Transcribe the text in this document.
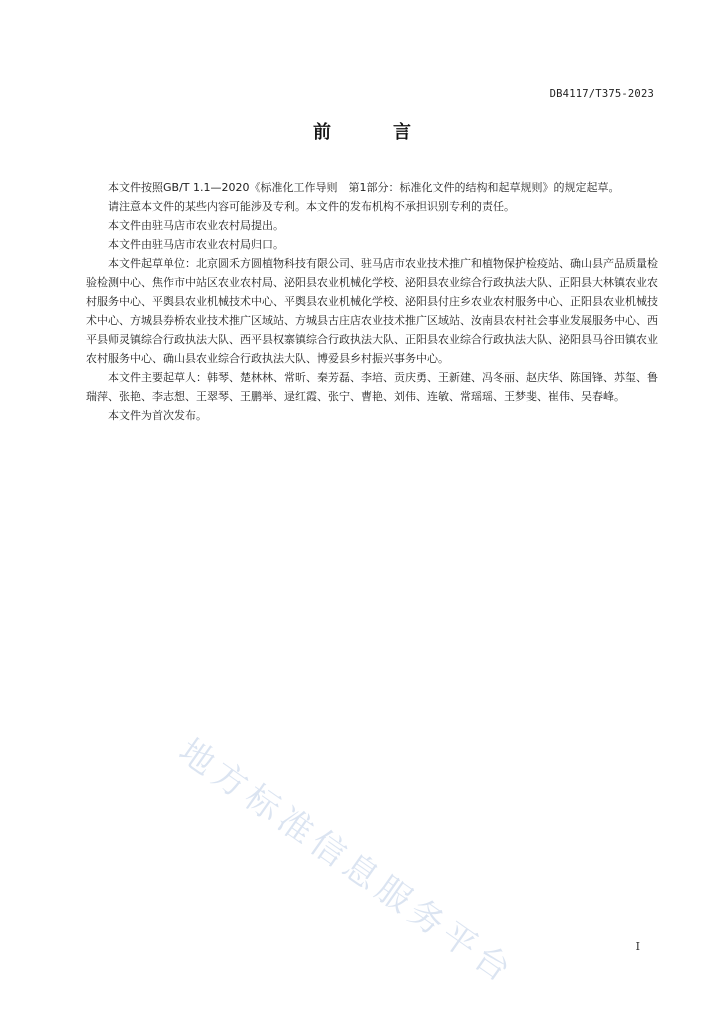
DB4117/T375-2023
前　言

本文件按照GB/T 1.1—2020《标准化工作导则　第1部分：标准化文件的结构和起草规则》的规定起草。

请注意本文件的某些内容可能涉及专利。本文件的发布机构不承担识别专利的责任。

本文件由驻马店市农业农村局提出。

本文件由驻马店市农业农村局归口。

本文件起草单位：北京圆禾方圆植物科技有限公司、驻马店市农业技术推广和植物保护检疫站、确山县产品质量检验检测中心、焦作市中站区农业农村局、泌阳县农业机械化学校、泌阳县农业综合行政执法大队、正阳县大林镇农业农村服务中心、平舆县农业机械技术中心、平舆县农业机械化学校、泌阳县付庄乡农业农村服务中心、正阳县农业机械技术中心、方城县券桥农业技术推广区域站、方城县古庄店农业技术推广区域站、汝南县农村社会事业发展服务中心、西平县师灵镇综合行政执法大队、西平县权寨镇综合行政执法大队、正阳县农业综合行政执法大队、泌阳县马谷田镇农业农村服务中心、确山县农业综合行政执法大队、博爱县乡村振兴事务中心。

本文件主要起草人：韩琴、楚林林、常昕、秦芳磊、李培、贡庆勇、王新建、冯冬丽、赵庆华、陈国锋、苏玺、鲁瑞萍、张艳、李志想、王翠琴、王鹏举、逯红霞、张宁、曹艳、刘伟、连敏、常瑶瑶、王梦斐、崔伟、吴春峰。

本文件为首次发布。

地方标准信息服务平台	I
